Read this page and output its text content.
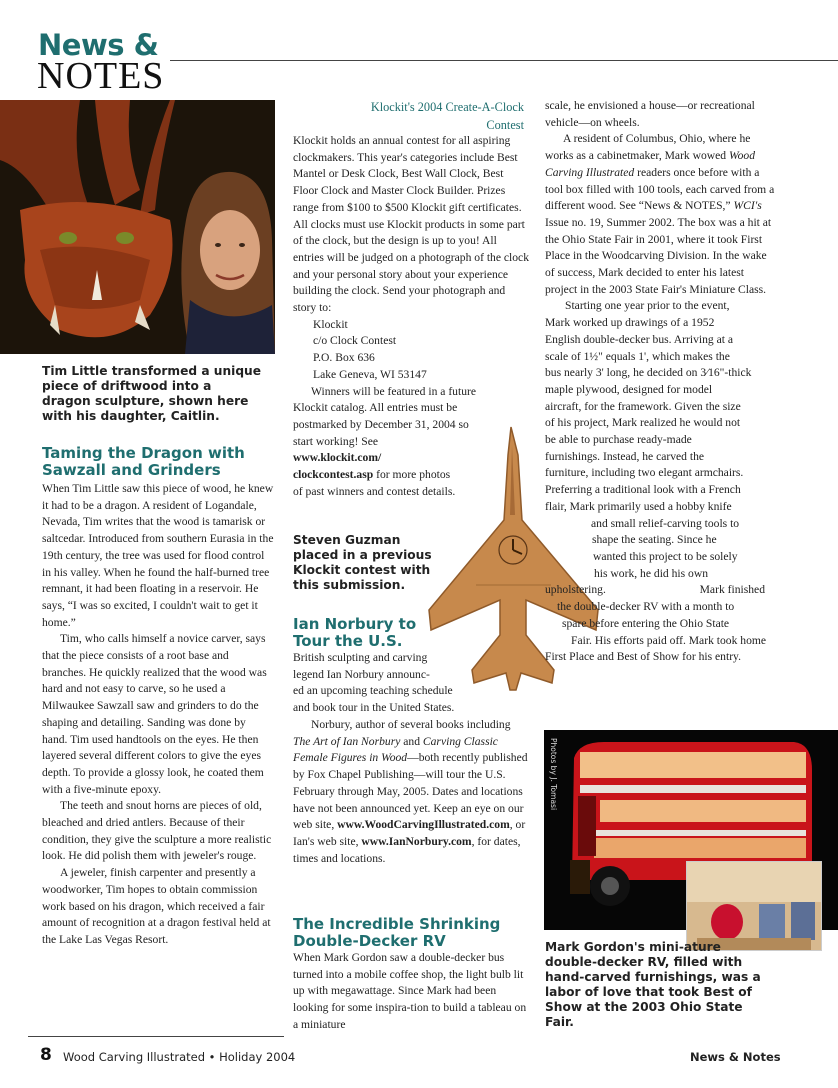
News &
NOTES
Tim Little transformed a unique piece of driftwood into a dragon sculpture, shown here with his daughter, Caitlin.
Taming the Dragon with Sawzall and Grinders

When Tim Little saw this piece of wood, he knew it had to be a dragon. A resident of Logandale, Nevada, Tim writes that the wood is tamarisk or saltcedar. Introduced from southern Eurasia in the 19th century, the tree was used for flood control in his valley. When he found the half-burned tree remnant, it had been floating in a reservoir. He says, “I was so excited, I couldn't wait to get it home.”

Tim, who calls himself a novice carver, says that the piece consists of a root base and branches. He quickly realized that the wood was hard and not easy to carve, so he used a Milwaukee Sawzall saw and grinders to do the shaping and detailing. Sanding was done by hand. Tim used handtools on the eyes. He then layered several different colors to give the eyes depth. To provide a glossy look, he coated them with a five-minute epoxy.

The teeth and snout horns are pieces of old, bleached and dried antlers. Because of their condition, they give the sculpture a more realistic look. He did polish them with jeweler's rouge.

A jeweler, finish carpenter and presently a woodworker, Tim hopes to obtain commission work based on his dragon, which received a fair amount of recognition at a dragon festival held at the Lake Las Vegas Resort.

Klockit's 2004 Create-A-Clock Contest

Klockit holds an annual contest for all aspiring clockmakers. This year's categories include Best Mantel or Desk Clock, Best Wall Clock, Best Floor Clock and Master Clock Builder. Prizes range from $100 to $500 Klockit gift certificates. All clocks must use Klockit products in some part of the clock, but the design is up to you! All entries will be judged on a photograph of the clock and your personal story about your experience building the clock. Send your photograph and story to:

Klockit

c/o Clock Contest

P.O. Box 636

Lake Geneva, WI 53147

Winners will be featured in a future

Klockit catalog. All entries must be

postmarked by December 31, 2004 so

start working! See

www.klockit.com/

clockcontest.asp for more photos

of past winners and contest details.

Steven Guzman placed in a previous Klockit contest with this submission.
Ian Norbury to Tour the U.S.

British sculpting and carving

legend Ian Norbury announc-

ed an upcoming teaching schedule

and book tour in the United States.

Norbury, author of several books including The Art of Ian Norbury and Carving Classic Female Figures in Wood—both recently published by Fox Chapel Publishing—will tour the U.S. February through May, 2005. Dates and locations have not been announced yet. Keep an eye on our web site, www.WoodCarvingIllustrated.com, or Ian's web site, www.IanNorbury.com, for dates, times and locations.

The Incredible Shrinking Double-Decker RV

When Mark Gordon saw a double-decker bus turned into a mobile coffee shop, the light bulb lit up with megawattage. Since Mark had been looking for some inspira-tion to build a tableau on a miniature

scale, he envisioned a house—or recreational vehicle—on wheels.

A resident of Columbus, Ohio, where he works as a cabinetmaker, Mark wowed Wood Carving Illustrated readers once before with a tool box filled with 100 tools, each carved from a different wood. See “News & NOTES,” WCI's Issue no. 19, Summer 2002. The box was a hit at the Ohio State Fair in 2001, where it took First Place in the Woodcarving Division. In the wake of success, Mark decided to enter his latest project in the 2003 State Fair's Miniature Class.

Starting one year prior to the event,

Mark worked up drawings of a 1952

English double-decker bus. Arriving at a

scale of 1½" equals 1', which makes the

bus nearly 3' long, he decided on 3⁄16"-thick

maple plywood, designed for model

aircraft, for the framework. Given the size

of his project, Mark realized he would not

be able to purchase ready-made

furnishings. Instead, he carved the

furniture, including two elegant armchairs.

Preferring a traditional look with a French

flair, Mark primarily used a hobby knife

and small relief-carving tools to

shape the seating. Since he

wanted this project to be solely

his work, he did his own

upholstering.	Mark finished

the double-decker RV with a month to

spare before entering the Ohio State

Fair. His efforts paid off. Mark took home

First Place and Best of Show for his entry.

Photos by J. Tomasi
Mark Gordon's mini-ature double-decker RV, filled with hand-carved furnishings, was a labor of love that took Best of Show at the 2003 Ohio State Fair.
8 Wood Carving Illustrated • Holiday 2004	News & Notes
